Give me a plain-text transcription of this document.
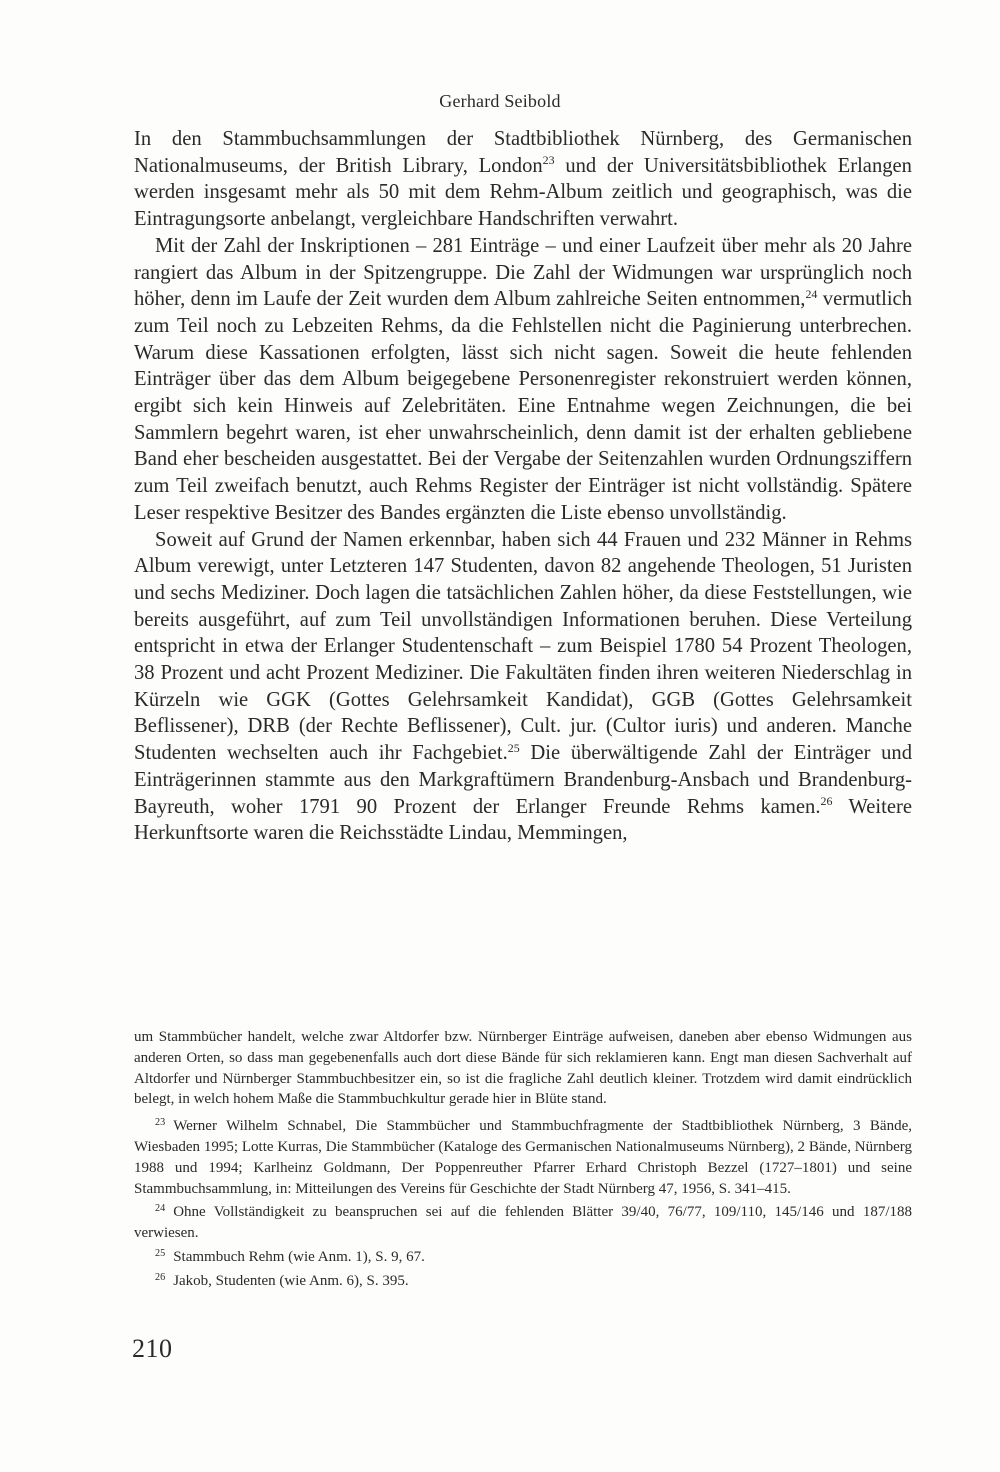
Gerhard Seibold

In den Stammbuchsammlungen der Stadtbibliothek Nürnberg, des Germanischen Nationalmuseums, der British Library, London$^{23}$ und der Universitätsbibliothek Erlangen werden insgesamt mehr als 50 mit dem Rehm-Album zeitlich und geographisch, was die Eintragungsorte anbelangt, vergleichbare Handschriften verwahrt.

Mit der Zahl der Inskriptionen – 281 Einträge – und einer Laufzeit über mehr als 20 Jahre rangiert das Album in der Spitzengruppe. Die Zahl der Widmungen war ursprünglich noch höher, denn im Laufe der Zeit wurden dem Album zahlreiche Seiten entnommen,$^{24}$ vermutlich zum Teil noch zu Lebzeiten Rehms, da die Fehlstellen nicht die Paginierung unterbrechen. Warum diese Kassationen erfolgten, lässt sich nicht sagen. Soweit die heute fehlenden Einträger über das dem Album beigegebene Personenregister rekonstruiert werden können, ergibt sich kein Hinweis auf Zelebritäten. Eine Entnahme wegen Zeichnungen, die bei Sammlern begehrt waren, ist eher unwahrscheinlich, denn damit ist der erhalten gebliebene Band eher bescheiden ausgestattet. Bei der Vergabe der Seitenzahlen wurden Ordnungsziffern zum Teil zweifach benutzt, auch Rehms Register der Einträger ist nicht vollständig. Spätere Leser respektive Besitzer des Bandes ergänzten die Liste ebenso unvollständig.

Soweit auf Grund der Namen erkennbar, haben sich 44 Frauen und 232 Männer in Rehms Album verewigt, unter Letzteren 147 Studenten, davon 82 angehende Theologen, 51 Juristen und sechs Mediziner. Doch lagen die tatsächlichen Zahlen höher, da diese Feststellungen, wie bereits ausgeführt, auf zum Teil unvollständigen Informationen beruhen. Diese Verteilung entspricht in etwa der Erlanger Studentenschaft – zum Beispiel 1780 54 Prozent Theologen, 38 Prozent und acht Prozent Mediziner. Die Fakultäten finden ihren weiteren Niederschlag in Kürzeln wie GGK (Gottes Gelehrsamkeit Kandidat), GGB (Gottes Gelehrsamkeit Beflissener), DRB (der Rechte Beflissener), Cult. jur. (Cultor iuris) und anderen. Manche Studenten wechselten auch ihr Fachgebiet.$^{25}$ Die überwältigende Zahl der Einträger und Einträgerinnen stammte aus den Markgraftümern Brandenburg-Ansbach und Brandenburg-Bayreuth, woher 1791 90 Prozent der Erlanger Freunde Rehms kamen.$^{26}$ Weitere Herkunftsorte waren die Reichsstädte Lindau, Memmingen,

um Stammbücher handelt, welche zwar Altdorfer bzw. Nürnberger Einträge aufweisen, daneben aber ebenso Widmungen aus anderen Orten, so dass man gegebenenfalls auch dort diese Bände für sich reklamieren kann. Engt man diesen Sachverhalt auf Altdorfer und Nürnberger Stammbuchbesitzer ein, so ist die fragliche Zahl deutlich kleiner. Trotzdem wird damit eindrücklich belegt, in welch hohem Maße die Stammbuchkultur gerade hier in Blüte stand.

$^{23}$ Werner Wilhelm Schnabel, Die Stammbücher und Stammbuchfragmente der Stadtbibliothek Nürnberg, 3 Bände, Wiesbaden 1995; Lotte Kurras, Die Stammbücher (Kataloge des Germanischen Nationalmuseums Nürnberg), 2 Bände, Nürnberg 1988 und 1994; Karlheinz Goldmann, Der Poppenreuther Pfarrer Erhard Christoph Bezzel (1727–1801) und seine Stammbuchsammlung, in: Mitteilungen des Vereins für Geschichte der Stadt Nürnberg 47, 1956, S. 341–415.

$^{24}$ Ohne Vollständigkeit zu beanspruchen sei auf die fehlenden Blätter 39/40, 76/77, 109/110, 145/146 und 187/188 verwiesen.

$^{25}$ Stammbuch Rehm (wie Anm. 1), S. 9, 67.

$^{26}$ Jakob, Studenten (wie Anm. 6), S. 395.

210
